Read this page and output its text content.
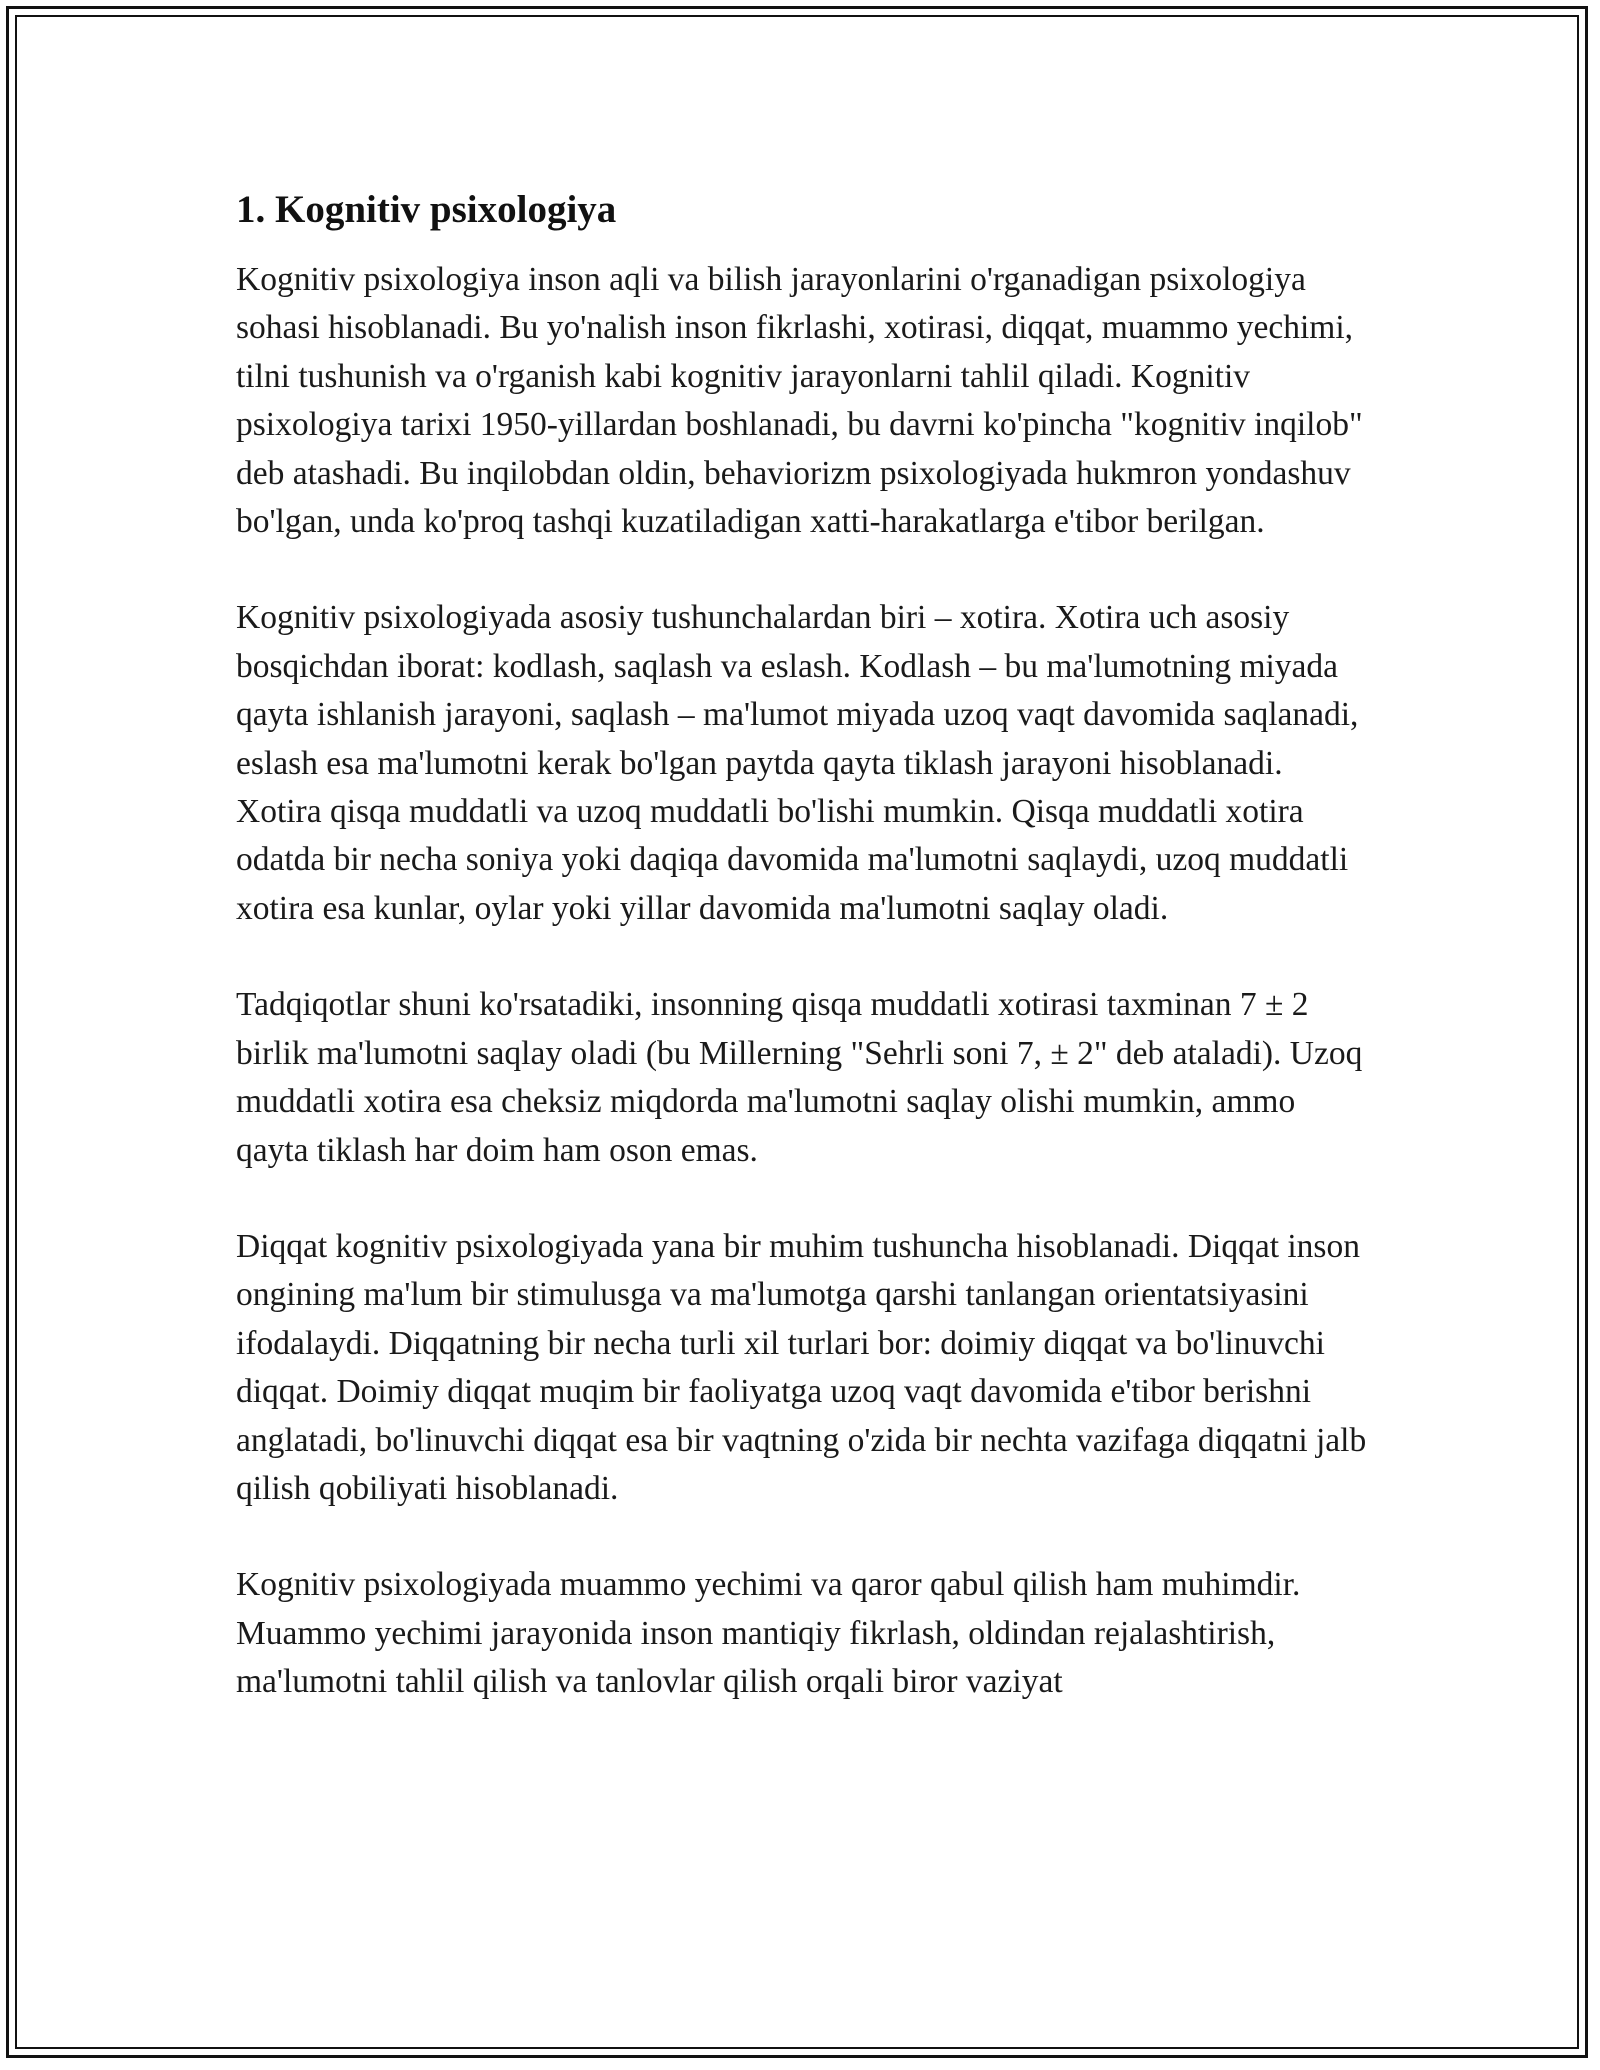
1. Kognitiv psixologiya

Kognitiv psixologiya inson aqli va bilish jarayonlarini o'rganadigan psixologiya sohasi hisoblanadi. Bu yo'nalish inson fikrlashi, xotirasi, diqqat, muammo yechimi, tilni tushunish va o'rganish kabi kognitiv jarayonlarni tahlil qiladi. Kognitiv psixologiya tarixi 1950-yillardan boshlanadi, bu davrni ko'pincha "kognitiv inqilob" deb atashadi. Bu inqilobdan oldin, behaviorizm psixologiyada hukmron yondashuv bo'lgan, unda ko'proq tashqi kuzatiladigan xatti-harakatlarga e'tibor berilgan.

Kognitiv psixologiyada asosiy tushunchalardan biri – xotira. Xotira uch asosiy bosqichdan iborat: kodlash, saqlash va eslash. Kodlash – bu ma'lumotning miyada qayta ishlanish jarayoni, saqlash – ma'lumot miyada uzoq vaqt davomida saqlanadi, eslash esa ma'lumotni kerak bo'lgan paytda qayta tiklash jarayoni hisoblanadi. Xotira qisqa muddatli va uzoq muddatli bo'lishi mumkin. Qisqa muddatli xotira odatda bir necha soniya yoki daqiqa davomida ma'lumotni saqlaydi, uzoq muddatli xotira esa kunlar, oylar yoki yillar davomida ma'lumotni saqlay oladi.

Tadqiqotlar shuni ko'rsatadiki, insonning qisqa muddatli xotirasi taxminan 7 ± 2 birlik ma'lumotni saqlay oladi (bu Millerning "Sehrli soni 7, ± 2" deb ataladi). Uzoq muddatli xotira esa cheksiz miqdorda ma'lumotni saqlay olishi mumkin, ammo qayta tiklash har doim ham oson emas.

Diqqat kognitiv psixologiyada yana bir muhim tushuncha hisoblanadi. Diqqat inson ongining ma'lum bir stimulusga va ma'lumotga qarshi tanlangan orientatsiyasini ifodalaydi. Diqqatning bir necha turli xil turlari bor: doimiy diqqat va bo'linuvchi diqqat. Doimiy diqqat muqim bir faoliyatga uzoq vaqt davomida e'tibor berishni anglatadi, bo'linuvchi diqqat esa bir vaqtning o'zida bir nechta vazifaga diqqatni jalb qilish qobiliyati hisoblanadi.

Kognitiv psixologiyada muammo yechimi va qaror qabul qilish ham muhimdir. Muammo yechimi jarayonida inson mantiqiy fikrlash, oldindan rejalashtirish, ma'lumotni tahlil qilish va tanlovlar qilish orqali biror vaziyat
